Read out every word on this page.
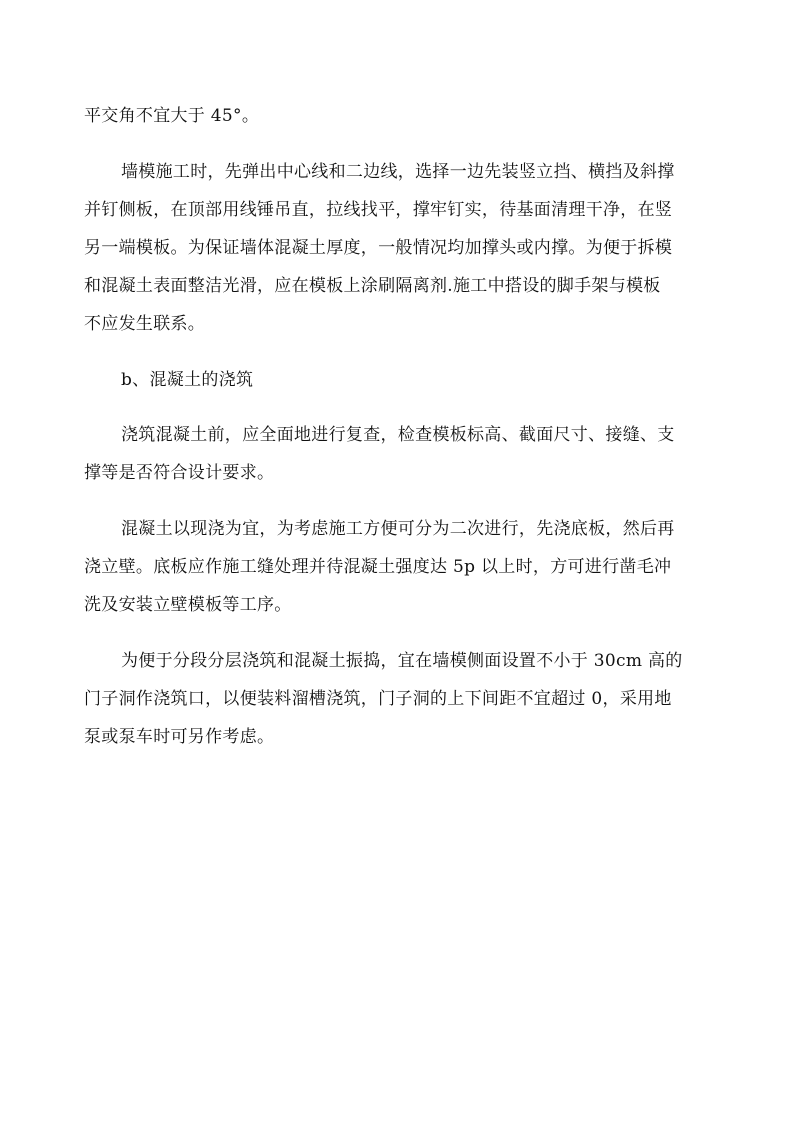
平交角不宜大于 45°。
墙模施工时，先弹出中心线和二边线，选择一边先装竖立挡、横挡及斜撑
并钉侧板，在顶部用线锤吊直，拉线找平，撑牢钉实，待基面清理干净，在竖
另一端模板。为保证墙体混凝土厚度，一般情况均加撑头或内撑。为便于拆模
和混凝土表面整洁光滑，应在模板上涂刷隔离剂.施工中搭设的脚手架与模板
不应发生联系。
b、混凝土的浇筑
浇筑混凝土前，应全面地进行复查，检查模板标高、截面尺寸、接缝、支
撑等是否符合设计要求。
混凝土以现浇为宜，为考虑施工方便可分为二次进行，先浇底板，然后再
浇立壁。底板应作施工缝处理并待混凝土强度达 5p 以上时，方可进行凿毛冲
洗及安装立壁模板等工序。
为便于分段分层浇筑和混凝土振捣，宜在墙模侧面设置不小于 30cm 高的
门子洞作浇筑口，以便装料溜槽浇筑，门子洞的上下间距不宜超过 0，采用地
泵或泵车时可另作考虑。
